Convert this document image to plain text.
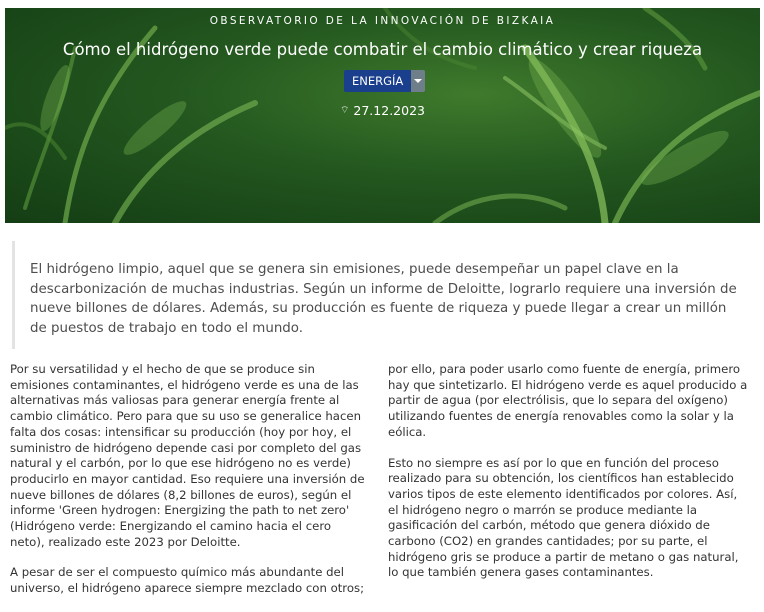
OBSERVATORIO DE LA INNOVACIÓN DE BIZKAIA
Cómo el hidrógeno verde puede combatir el cambio climático y crear riqueza
ENERGÍA
⌔ 27.12.2023

El hidrógeno limpio, aquel que se genera sin emisiones, puede desempeñar un papel clave en la descarbonización de muchas industrias. Según un informe de Deloitte, lograrlo requiere una inversión de nueve billones de dólares. Además, su producción es fuente de riqueza y puede llegar a crear un millón de puestos de trabajo en todo el mundo.

Por su versatilidad y el hecho de que se produce sin emisiones contaminantes, el hidrógeno verde es una de las alternativas más valiosas para generar energía frente al cambio climático. Pero para que su uso se generalice hacen falta dos cosas: intensificar su producción (hoy por hoy, el suministro de hidrógeno depende casi por completo del gas natural y el carbón, por lo que ese hidrógeno no es verde) producirlo en mayor cantidad. Eso requiere una inversión de nueve billones de dólares (8,2 billones de euros), según el informe 'Green hydrogen: Energizing the path to net zero' (Hidrógeno verde: Energizando el camino hacia el cero neto), realizado este 2023 por Deloitte.

A pesar de ser el compuesto químico más abundante del universo, el hidrógeno aparece siempre mezclado con otros;

por ello, para poder usarlo como fuente de energía, primero hay que sintetizarlo. El hidrógeno verde es aquel producido a partir de agua (por electrólisis, que lo separa del oxígeno) utilizando fuentes de energía renovables como la solar y la eólica.

Esto no siempre es así por lo que en función del proceso realizado para su obtención, los científicos han establecido varios tipos de este elemento identificados por colores. Así, el hidrógeno negro o marrón se produce mediante la gasificación del carbón, método que genera dióxido de carbono (CO2) en grandes cantidades; por su parte, el hidrógeno gris se produce a partir de metano o gas natural, lo que también genera gases contaminantes.
